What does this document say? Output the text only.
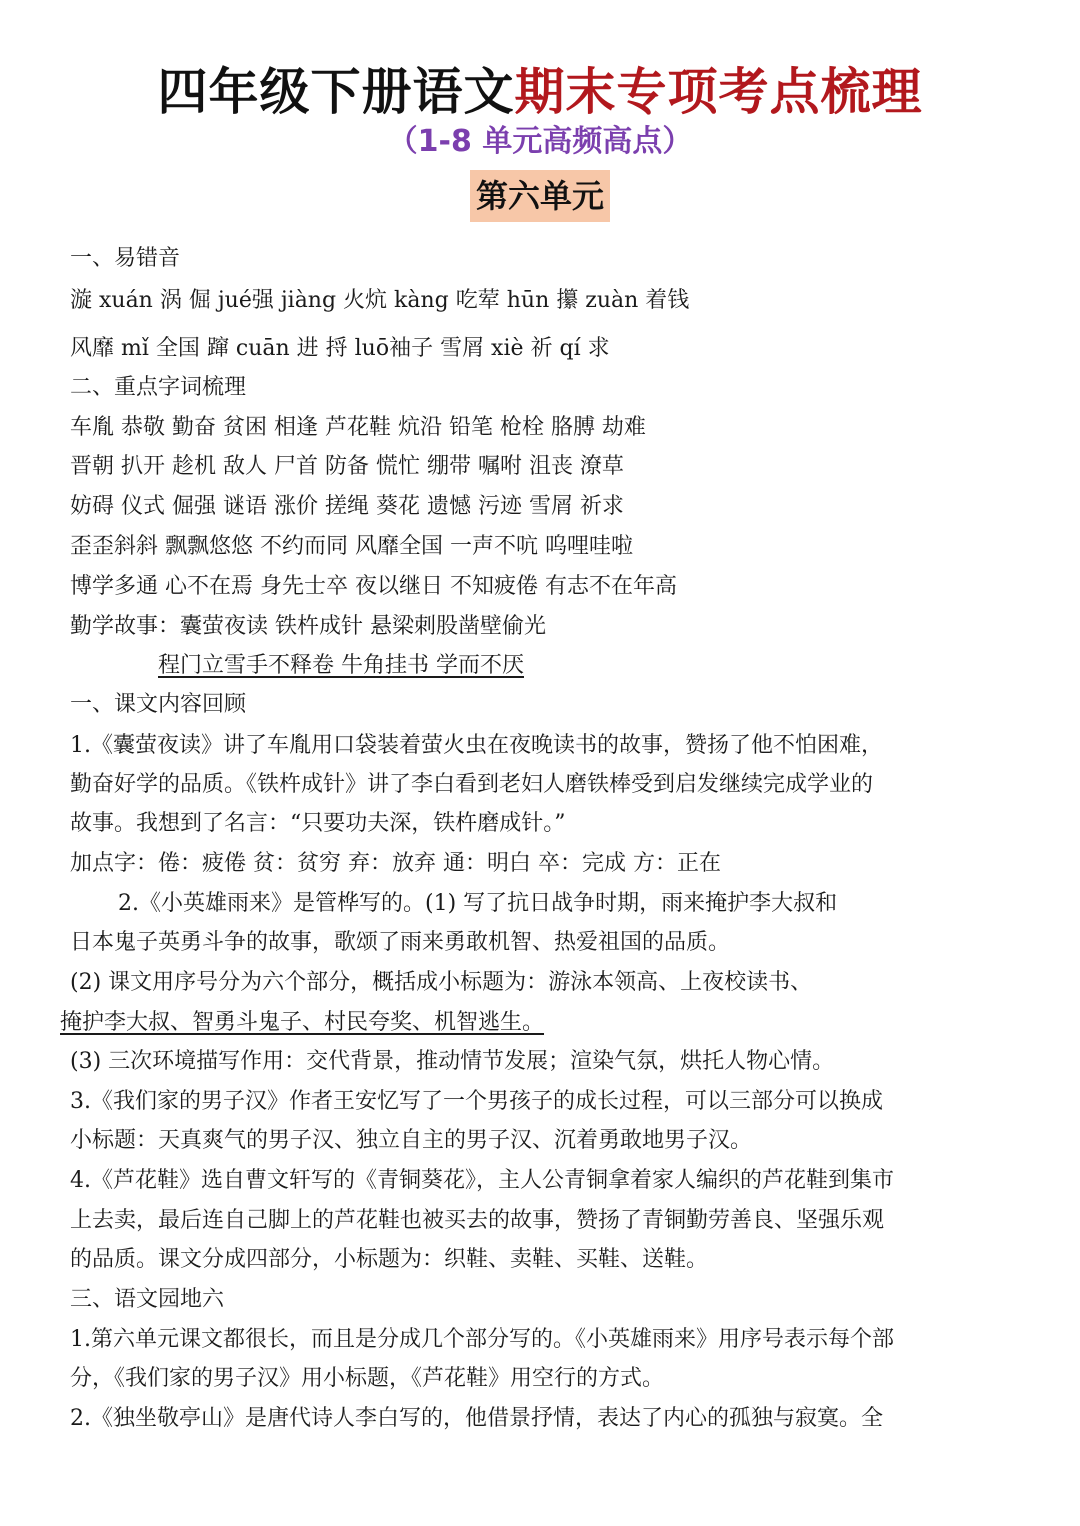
四年级下册语文期末专项考点梳理
（1-8 单元高频高点）
第六单元
一、易错音
漩 xuán 涡 倔 jué强 jiàng 火炕 kàng 吃荤 hūn 攥 zuàn 着钱
风靡 mǐ 全国 蹿 cuān 进 捋 luō袖子 雪屑 xiè 祈 qí 求
二、重点字词梳理
车胤 恭敬 勤奋 贫困 相逢 芦花鞋 炕沿 铅笔 枪栓 胳膊 劫难
晋朝 扒开 趁机 敌人 尸首 防备 慌忙 绷带 嘱咐 沮丧 潦草
妨碍 仪式 倔强 谜语 涨价 搓绳 葵花 遗憾 污迹 雪屑 祈求
歪歪斜斜 飘飘悠悠 不约而同 风靡全国 一声不吭 呜哩哇啦
博学多通 心不在焉 身先士卒 夜以继日 不知疲倦 有志不在年高
勤学故事：囊萤夜读 铁杵成针 悬梁刺股凿壁偷光
程门立雪手不释卷 牛角挂书 学而不厌
一、课文内容回顾
1.《囊萤夜读》讲了车胤用口袋装着萤火虫在夜晚读书的故事，赞扬了他不怕困难，
勤奋好学的品质。《铁杵成针》讲了李白看到老妇人磨铁棒受到启发继续完成学业的
故事。我想到了名言：“只要功夫深，铁杵磨成针。”
加点字：倦：疲倦 贫：贫穷 弃：放弃 通：明白 卒：完成 方：正在
2.《小英雄雨来》是管桦写的。(1) 写了抗日战争时期，雨来掩护李大叔和
日本鬼子英勇斗争的故事，歌颂了雨来勇敢机智、热爱祖国的品质。
(2) 课文用序号分为六个部分，概括成小标题为：游泳本领高、上夜校读书、
掩护李大叔、智勇斗鬼子、村民夸奖、机智逃生。
(3) 三次环境描写作用：交代背景，推动情节发展；渲染气氛，烘托人物心情。
3.《我们家的男子汉》作者王安忆写了一个男孩子的成长过程，可以三部分可以换成
小标题：天真爽气的男子汉、独立自主的男子汉、沉着勇敢地男子汉。
4.《芦花鞋》选自曹文轩写的《青铜葵花》，主人公青铜拿着家人编织的芦花鞋到集市
上去卖，最后连自己脚上的芦花鞋也被买去的故事，赞扬了青铜勤劳善良、坚强乐观
的品质。课文分成四部分，小标题为：织鞋、卖鞋、买鞋、送鞋。
三、语文园地六
1.第六单元课文都很长，而且是分成几个部分写的。《小英雄雨来》用序号表示每个部
分，《我们家的男子汉》用小标题，《芦花鞋》用空行的方式。
2.《独坐敬亭山》是唐代诗人李白写的，他借景抒情，表达了内心的孤独与寂寞。全
